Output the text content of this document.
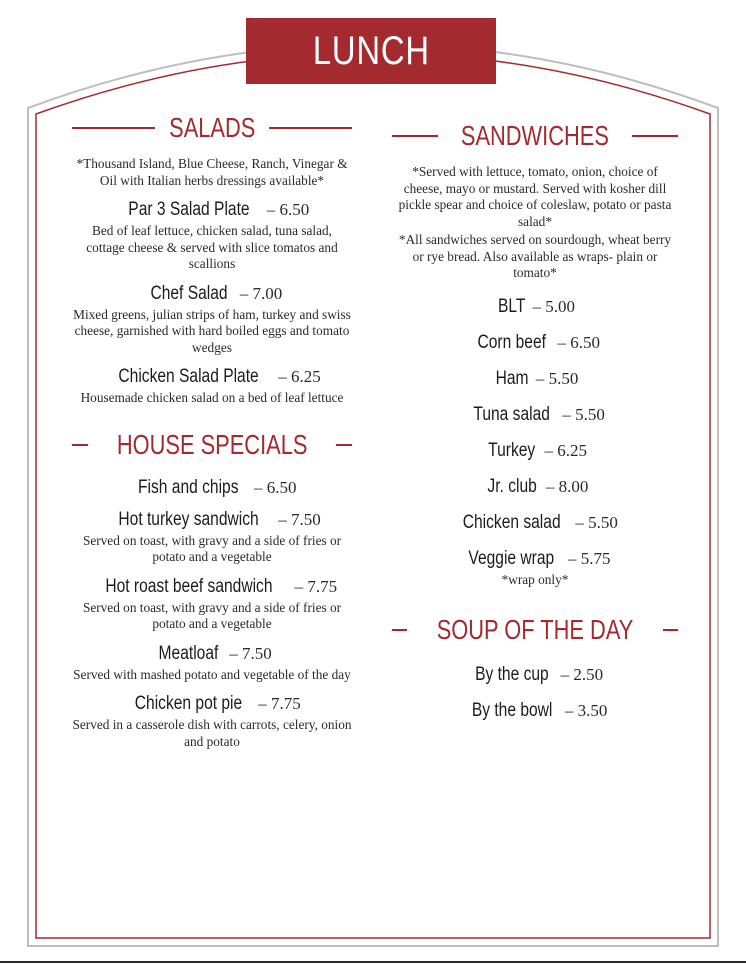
LUNCH
SALADS
*Thousand Island, Blue Cheese, Ranch, Vinegar & Oil with Italian herbs dressings available*
Par 3 Salad Plate – 6.50
Bed of leaf lettuce, chicken salad, tuna salad, cottage cheese & served with slice tomatos and scallions
Chef Salad – 7.00
Mixed greens, julian strips of ham, turkey and swiss cheese, garnished with hard boiled eggs and tomato wedges
Chicken Salad Plate – 6.25
Housemade chicken salad on a bed of leaf lettuce
HOUSE SPECIALS
Fish and chips – 6.50
Hot turkey sandwich – 7.50
Served on toast, with gravy and a side of fries or potato and a vegetable
Hot roast beef sandwich – 7.75
Served on toast, with gravy and a side of fries or potato and a vegetable
Meatloaf – 7.50
Served with mashed potato and vegetable of the day
Chicken pot pie – 7.75
Served in a casserole dish with carrots, celery, onion and potato
SANDWICHES
*Served with lettuce, tomato, onion, choice of cheese, mayo or mustard. Served with kosher dill pickle spear and choice of coleslaw, potato or pasta salad*
*All sandwiches served on sourdough, wheat berry or rye bread. Also available as wraps- plain or tomato*
BLT – 5.00
Corn beef – 6.50
Ham – 5.50
Tuna salad – 5.50
Turkey – 6.25
Jr. club – 8.00
Chicken salad – 5.50
Veggie wrap – 5.75
*wrap only*
SOUP OF THE DAY
By the cup – 2.50
By the bowl – 3.50
